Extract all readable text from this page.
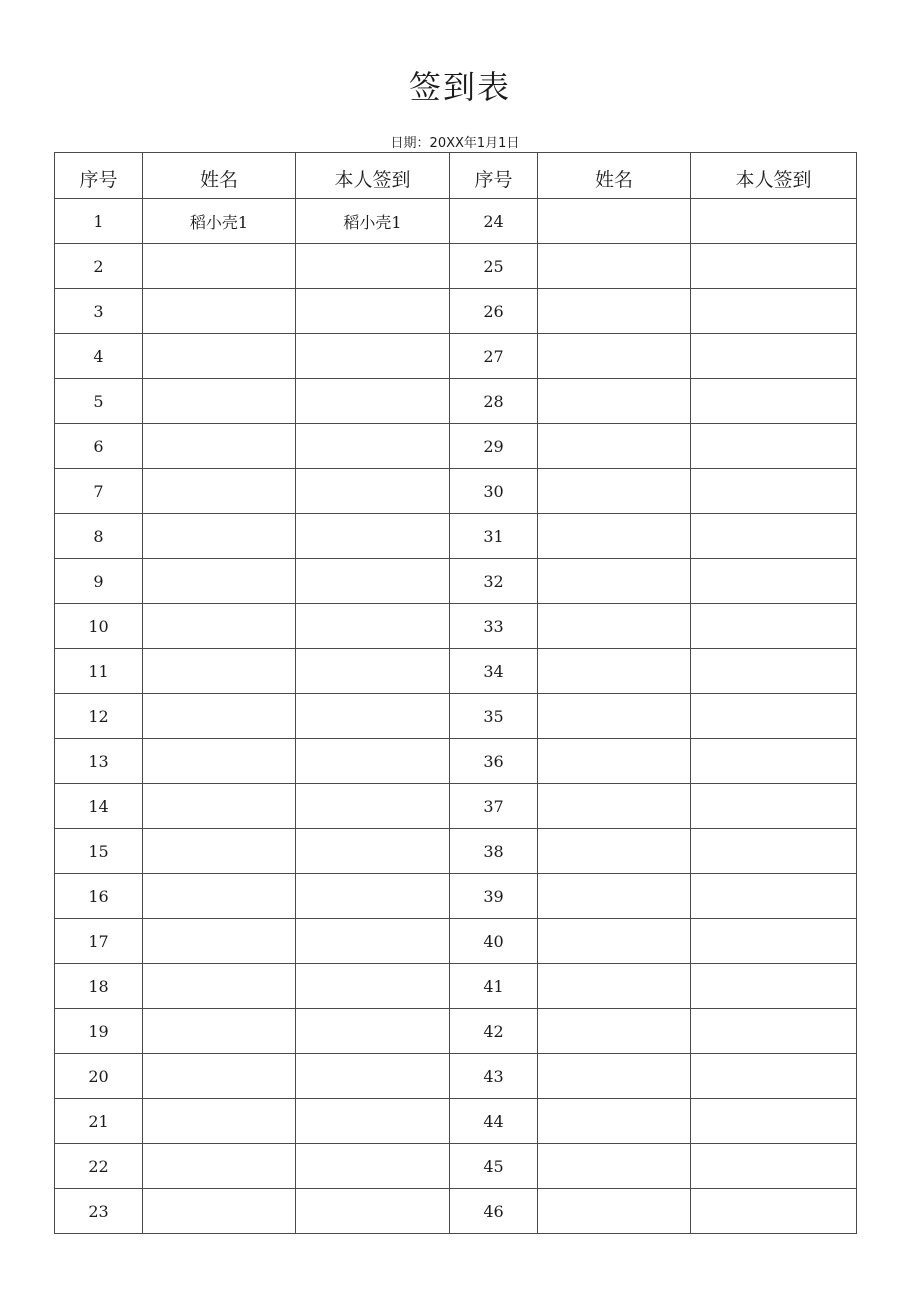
签到表
日期：20XX年1月1日
序号	姓名	本人签到	序号	姓名	本人签到
1	稻小壳1	稻小壳1	24		
2			25		
3			26		
4			27		
5			28		
6			29		
7			30		
8			31		
9			32		
10			33		
11			34		
12			35		
13			36		
14			37		
15			38		
16			39		
17			40		
18			41		
19			42		
20			43		
21			44		
22			45		
23			46		
